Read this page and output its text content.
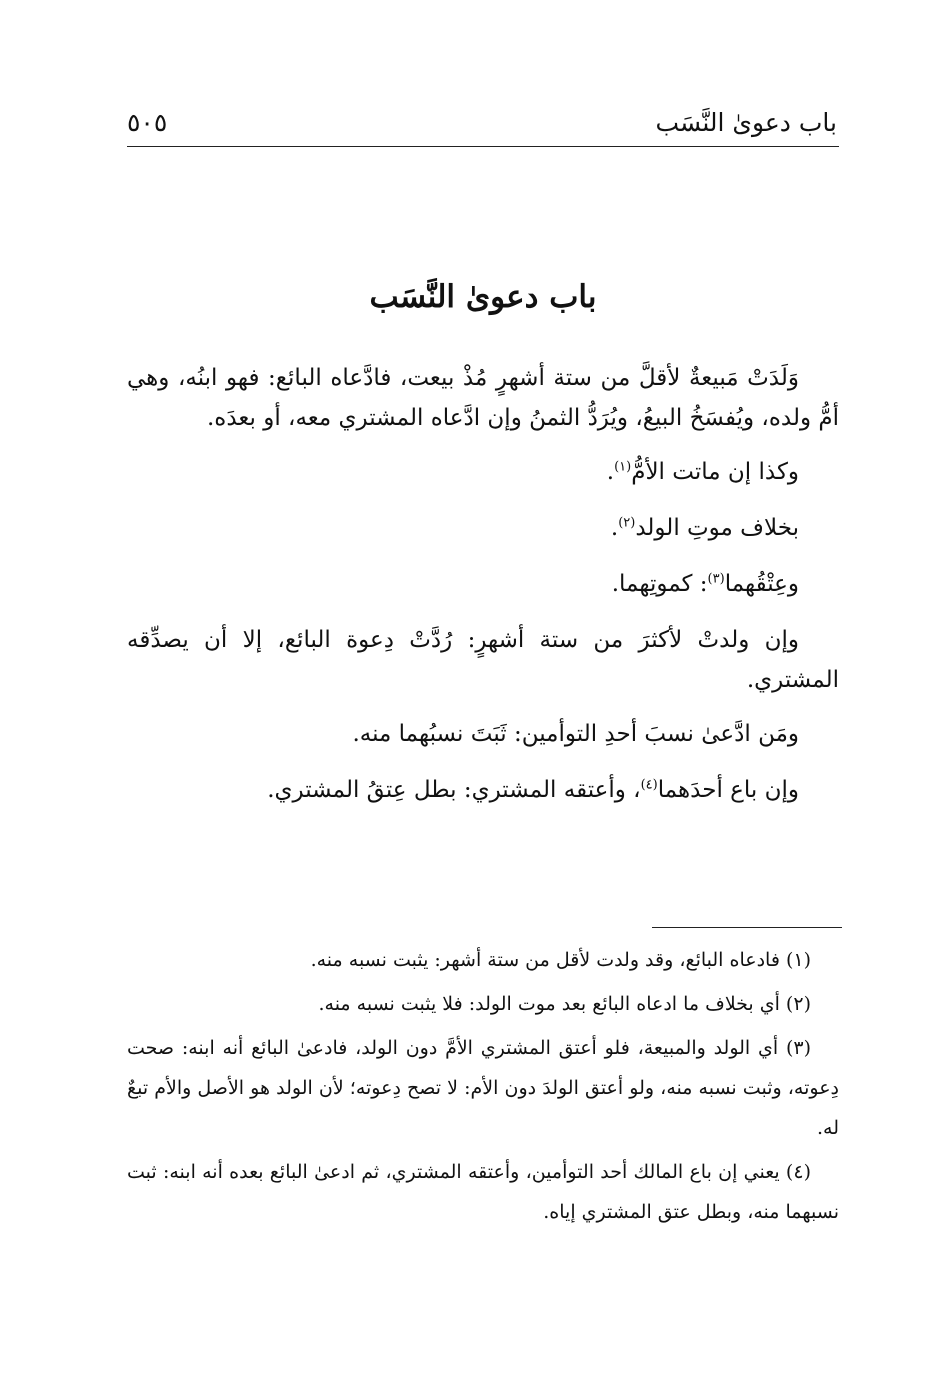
باب دعوىٰ النَّسَب
٥٠٥
باب دعوىٰ النَّسَب

وَلَدَتْ مَبيعةٌ لأقلَّ من ستة أشهرٍ مُذْ بيعت، فادَّعاه البائع: فهو ابنُه، وهي أمُّ ولده، ويُفسَخُ البيعُ، ويُرَدُّ الثمنُ وإن ادَّعاه المشتري معه، أو بعدَه.

وكذا إن ماتت الأمُّ$^{(١)}$.

بخلاف موتِ الولد$^{(٢)}$.

وعِتْقُهما$^{(٣)}$: كموتِهما.

وإن ولدتْ لأكثرَ من ستة أشهرٍ: رُدَّتْ دِعوة البائع، إلا أن يصدِّقه المشتري.

ومَن ادَّعىٰ نسبَ أحدِ التوأمين: ثَبَتَ نسبُهما منه.

وإن باع أحدَهما$^{(٤)}$، وأعتقه المشتري: بطل عِتقُ المشتري.

(١) فادعاه البائع، وقد ولدت لأقل من ستة أشهر: يثبت نسبه منه.

(٢) أي بخلاف ما ادعاه البائع بعد موت الولد: فلا يثبت نسبه منه.

(٣) أي الولد والمبيعة، فلو أعتق المشتري الأمَّ دون الولد، فادعىٰ البائع أنه ابنه: صحت دِعوته، وثبت نسبه منه، ولو أعتق الولدَ دون الأم: لا تصح دِعوته؛ لأن الولد هو الأصل والأم تبعٌ له.

(٤) يعني إن باع المالك أحد التوأمين، وأعتقه المشتري، ثم ادعىٰ البائع بعده أنه ابنه: ثبت نسبهما منه، وبطل عتق المشتري إياه.
